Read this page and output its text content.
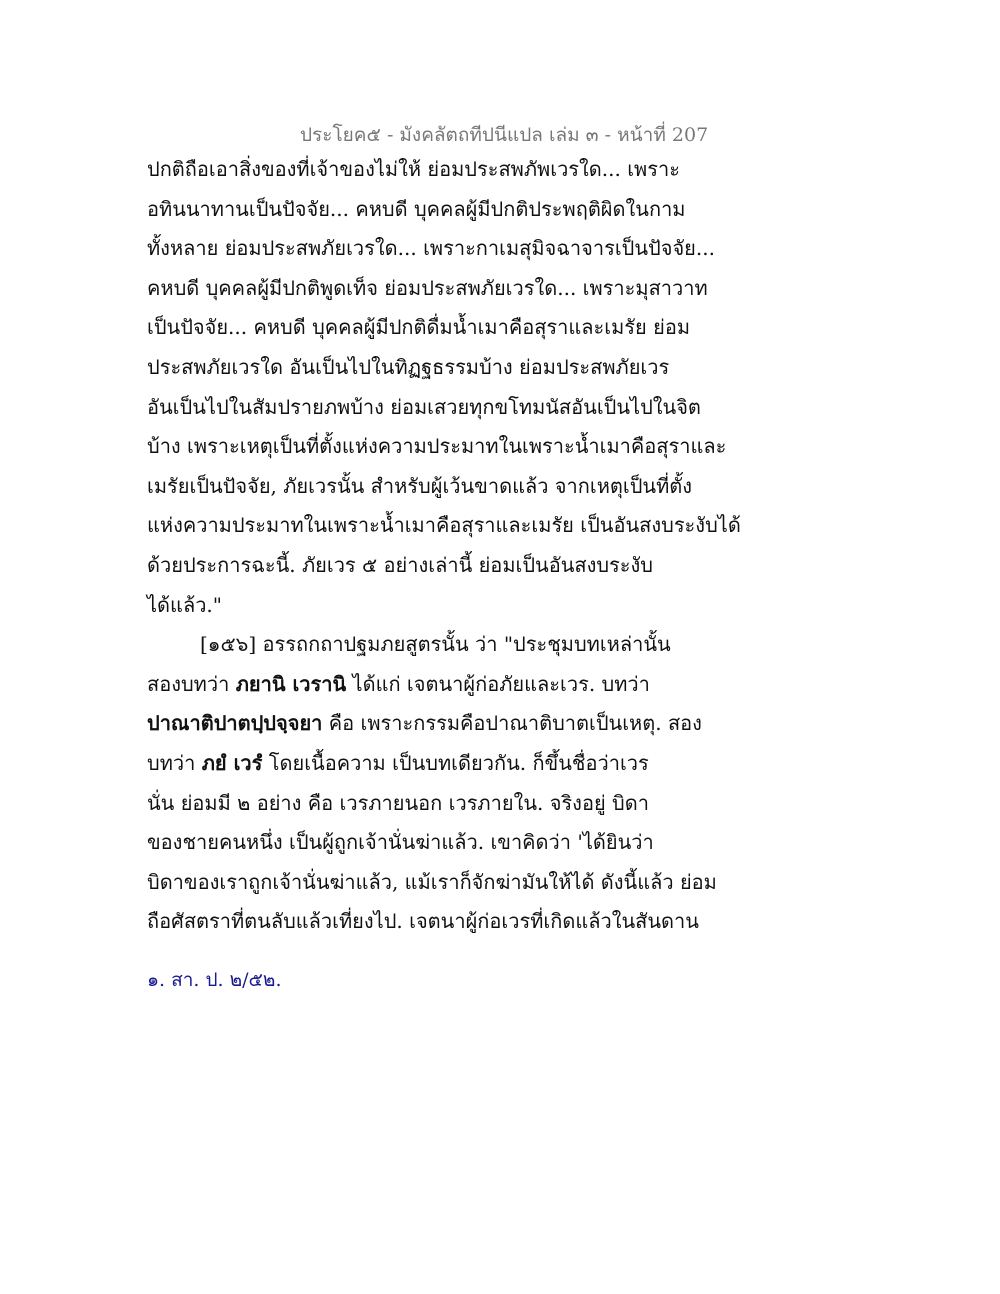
ประโยค๕ - มังคลัตถทีปนีแปล เล่ม ๓ - หน้าที่ 207
ปกติถือเอาสิ่งของที่เจ้าของไม่ให้ ย่อมประสพภัพเวรใด... เพราะ
อทินนาทานเป็นปัจจัย... คหบดี บุคคลผู้มีปกติประพฤติผิดในกาม
ทั้งหลาย ย่อมประสพภัยเวรใด... เพราะกาเมสุมิจฉาจารเป็นปัจจัย...
คหบดี บุคคลผู้มีปกติพูดเท็จ ย่อมประสพภัยเวรใด... เพราะมุสาวาท
เป็นปัจจัย... คหบดี บุคคลผู้มีปกติดื่มน้ำเมาคือสุราและเมรัย ย่อม
ประสพภัยเวรใด อันเป็นไปในทิฏฐธรรมบ้าง ย่อมประสพภัยเวร
อันเป็นไปในสัมปรายภพบ้าง ย่อมเสวยทุกขโทมนัสอันเป็นไปในจิต
บ้าง เพราะเหตุเป็นที่ตั้งแห่งความประมาทในเพราะน้ำเมาคือสุราและ
เมรัยเป็นปัจจัย, ภัยเวรนั้น สำหรับผู้เว้นขาดแล้ว จากเหตุเป็นที่ตั้ง
แห่งความประมาทในเพราะน้ำเมาคือสุราและเมรัย เป็นอันสงบระงับได้
ด้วยประการฉะนี้. ภัยเวร ๕ อย่างเล่านี้ ย่อมเป็นอันสงบระงับ
ได้แล้ว."
[๑๕๖] อรรถกถาปฐมภยสูตรนั้น ว่า "ประชุมบทเหล่านั้น
สองบทว่า ภยานิ เวรานิ ได้แก่ เจตนาผู้ก่อภัยและเวร. บทว่า
ปาณาติปาตปฺปจฺจยา คือ เพราะกรรมคือปาณาติบาตเป็นเหตุ. สอง
บทว่า ภยํ เวรํ โดยเนื้อความ เป็นบทเดียวกัน. ก็ขึ้นชื่อว่าเวร
นั่น ย่อมมี ๒ อย่าง คือ เวรภายนอก เวรภายใน. จริงอยู่ บิดา
ของชายคนหนึ่ง เป็นผู้ถูกเจ้านั่นฆ่าแล้ว. เขาคิดว่า 'ได้ยินว่า
บิดาของเราถูกเจ้านั่นฆ่าแล้ว, แม้เราก็จักฆ่ามันให้ได้ ดังนี้แล้ว ย่อม
ถือศัสตราที่ตนลับแล้วเที่ยงไป. เจตนาผู้ก่อเวรที่เกิดแล้วในสันดาน
๑. สา. ป. ๒/๕๒.
